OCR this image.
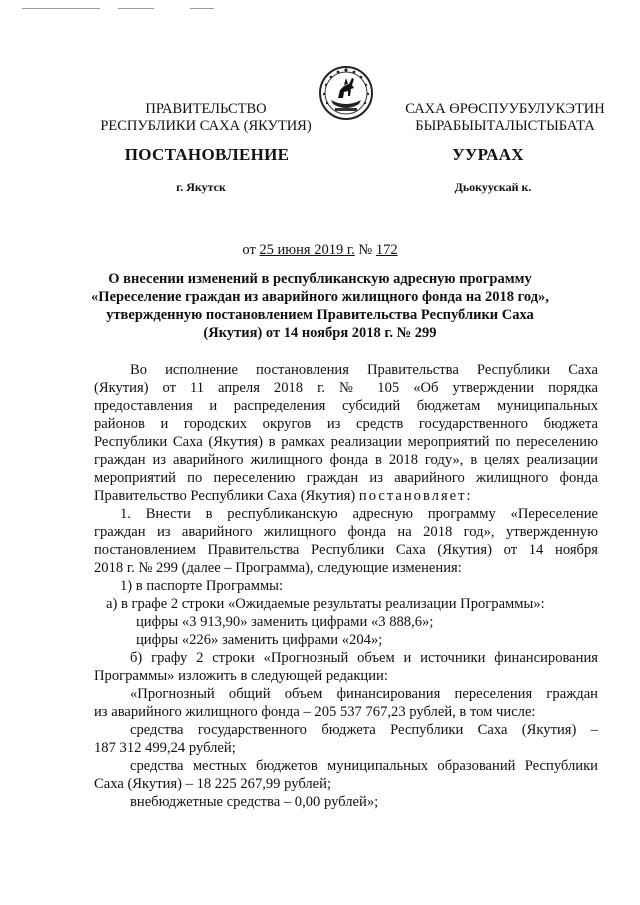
ПРАВИТЕЛЬСТВО
РЕСПУБЛИКИ САХА (ЯКУТИЯ)
САХА ӨРӨСПУУБУЛУКЭТИН
БЫРАБЫЫТАЛЫСТЫБАТА
ПОСТАНОВЛЕНИЕ	УУРААХ
г. Якутск	Дьокуускай к.
от 25 июня 2019 г. № 172
О внесении изменений в республиканскую адресную программу
«Переселение граждан из аварийного жилищного фонда на 2018 год»,
утвержденную постановлением Правительства Республики Саха
(Якутия) от 14 ноября 2018 г. № 299

Во исполнение постановления Правительства Республики Саха

(Якутия) от 11 апреля 2018 г. № 105 «Об утверждении порядка

предоставления и распределения субсидий бюджетам муниципальных

районов и городских округов из средств государственного бюджета

Республики Саха (Якутия) в рамках реализации мероприятий по переселению

граждан из аварийного жилищного фонда в 2018 году», в целях реализации

мероприятий по переселению граждан из аварийного жилищного фонда

Правительство Республики Саха (Якутия) постановляет:

1. Внести в республиканскую адресную программу «Переселение

граждан из аварийного жилищного фонда на 2018 год», утвержденную

постановлением Правительства Республики Саха (Якутия) от 14 ноября

2018 г. № 299 (далее – Программа), следующие изменения:

1) в паспорте Программы:

а) в графе 2 строки «Ожидаемые результаты реализации Программы»:

цифры «3 913,90» заменить цифрами «3 888,6»;

цифры «226» заменить цифрами «204»;

б) графу 2 строки «Прогнозный объем и источники финансирования

Программы» изложить в следующей редакции:

«Прогнозный общий объем финансирования переселения граждан

из аварийного жилищного фонда – 205 537 767,23 рублей, в том числе:

средства государственного бюджета Республики Саха (Якутия) –

187 312 499,24 рублей;

средства местных бюджетов муниципальных образований Республики

Саха (Якутия) – 18 225 267,99 рублей;

внебюджетные средства – 0,00 рублей»;
